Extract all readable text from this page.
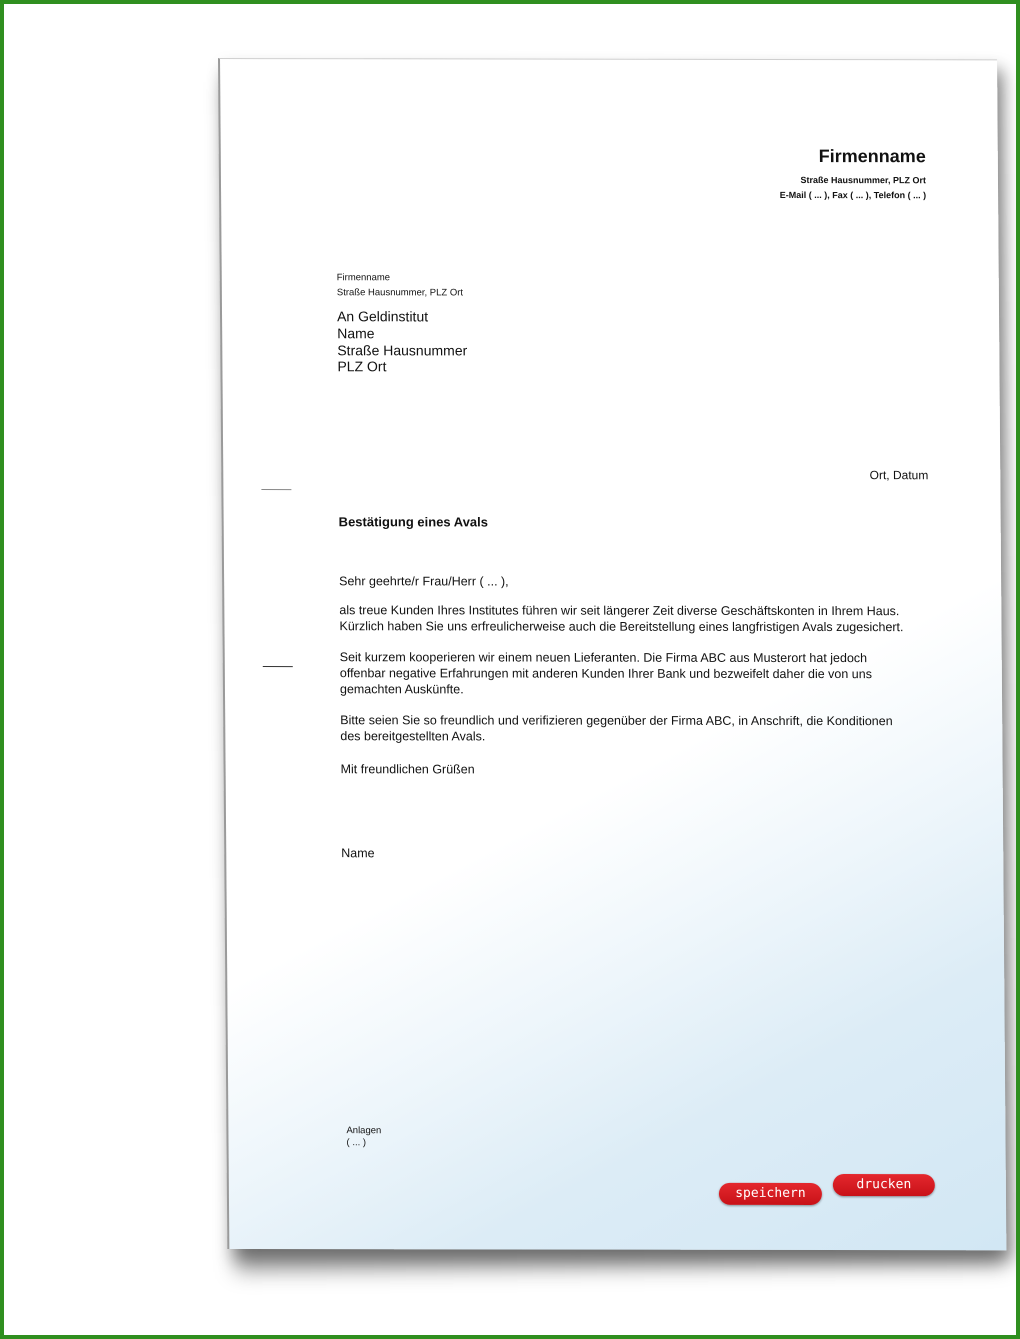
Firmenname
Straße Hausnummer, PLZ Ort
E-Mail ( ... ), Fax ( ... ), Telefon ( ... )
Firmenname
Straße Hausnummer, PLZ Ort
An Geldinstitut
Name
Straße Hausnummer
PLZ Ort
Ort, Datum
Bestätigung eines Avals
Sehr geehrte/r Frau/Herr ( ... ),
als treue Kunden Ihres Institutes führen wir seit längerer Zeit diverse Geschäftskonten in Ihrem Haus.
Kürzlich haben Sie uns erfreulicherweise auch die Bereitstellung eines langfristigen Avals zugesichert.
Seit kurzem kooperieren wir einem neuen Lieferanten. Die Firma ABC aus Musterort hat jedoch
offenbar negative Erfahrungen mit anderen Kunden Ihrer Bank und bezweifelt daher die von uns
gemachten Auskünfte.
Bitte seien Sie so freundlich und verifizieren gegenüber der Firma ABC, in Anschrift, die Konditionen
des bereitgestellten Avals.
Mit freundlichen Grüßen
Name
Anlagen
( ... )
speichern
drucken
